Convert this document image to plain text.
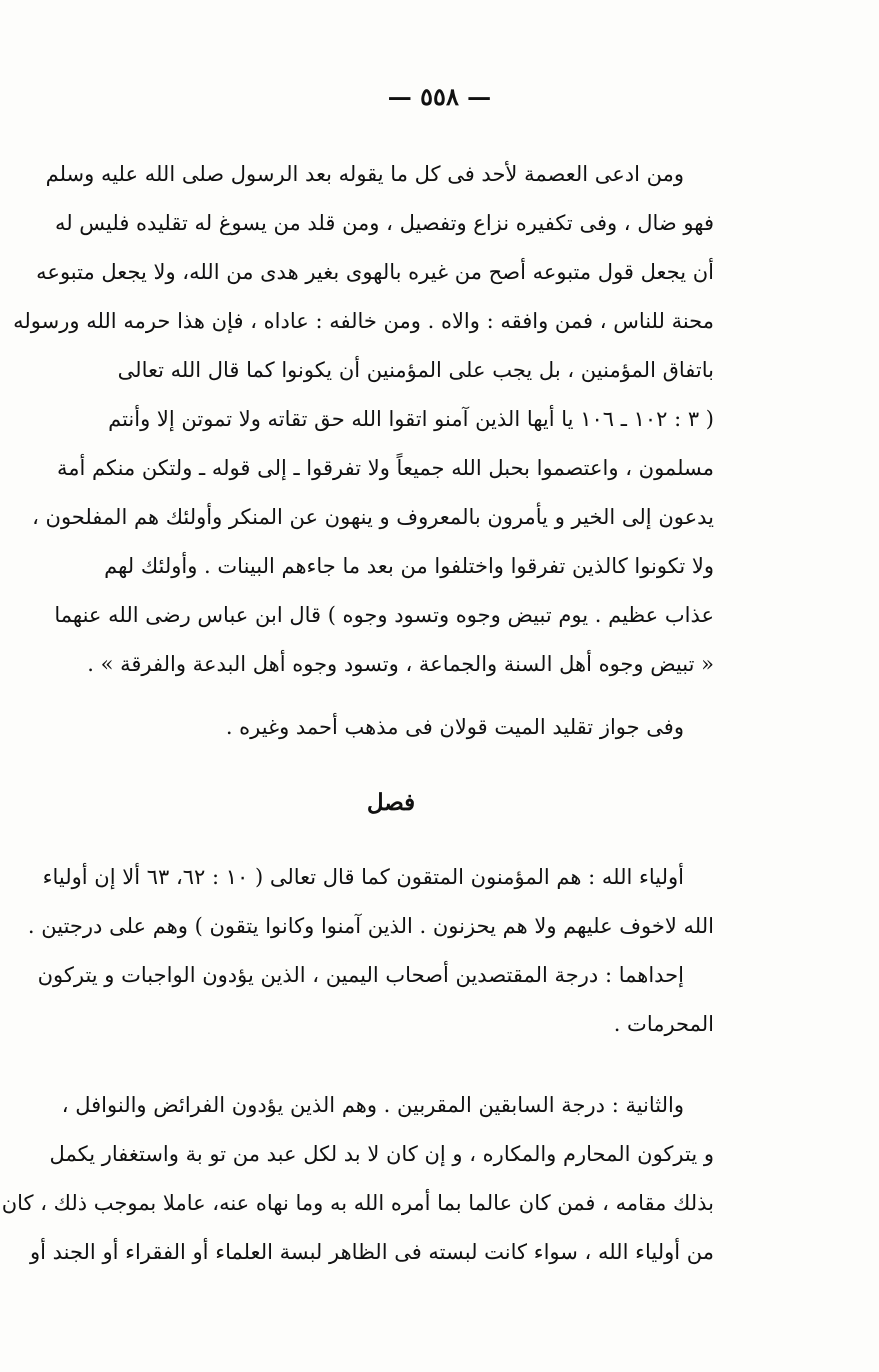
— ٥٥٨ —
ومن ادعى العصمة لأحد فى كل ما يقوله بعد الرسول صلى الله عليه وسلم
فهو ضال ، وفى تكفيره نزاع وتفصيل ، ومن قلد من يسوغ له تقليده فليس له
أن يجعل قول متبوعه أصح من غيره بالهوى بغير هدى من الله، ولا يجعل متبوعه
محنة للناس ، فمن وافقه : والاه . ومن خالفه : عاداه ، فإن هذا حرمه الله ورسوله
باتفاق المؤمنين ، بل يجب على المؤمنين أن يكونوا كما قال الله تعالى
( ٣ : ١٠٢ ـ ١٠٦ يا أيها الذين آمنو اتقوا الله حق تقاته ولا تموتن إلا وأنتم
مسلمون ، واعتصموا بحبل الله جميعاً ولا تفرقوا ـ إلى قوله ـ ولتكن منكم أمة
يدعون إلى الخير و يأمرون بالمعروف و ينهون عن المنكر وأولئك هم المفلحون ،
ولا تكونوا كالذين تفرقوا واختلفوا من بعد ما جاءهم البينات . وأولئك لهم
عذاب عظيم . يوم تبيض وجوه وتسود وجوه ) قال ابن عباس رضى الله عنهما
« تبيض وجوه أهل السنة والجماعة ، وتسود وجوه أهل البدعة والفرقة » .
وفى جواز تقليد الميت قولان فى مذهب أحمد وغيره .
فصل
أولياء الله : هم المؤمنون المتقون كما قال تعالى ( ١٠ : ٦٢، ٦٣ ألا إن أولياء
الله لاخوف عليهم ولا هم يحزنون . الذين آمنوا وكانوا يتقون ) وهم على درجتين .
إحداهما : درجة المقتصدين أصحاب اليمين ، الذين يؤدون الواجبات و يتركون
المحرمات .
والثانية : درجة السابقين المقربين . وهم الذين يؤدون الفرائض والنوافل ،
و يتركون المحارم والمكاره ، و إن كان لا بد لكل عبد من تو بة واستغفار يكمل
بذلك مقامه ، فمن كان عالما بما أمره الله به وما نهاه عنه، عاملا بموجب ذلك ، كان
من أولياء الله ، سواء كانت لبسته فى الظاهر لبسة العلماء أو الفقراء أو الجند أو
